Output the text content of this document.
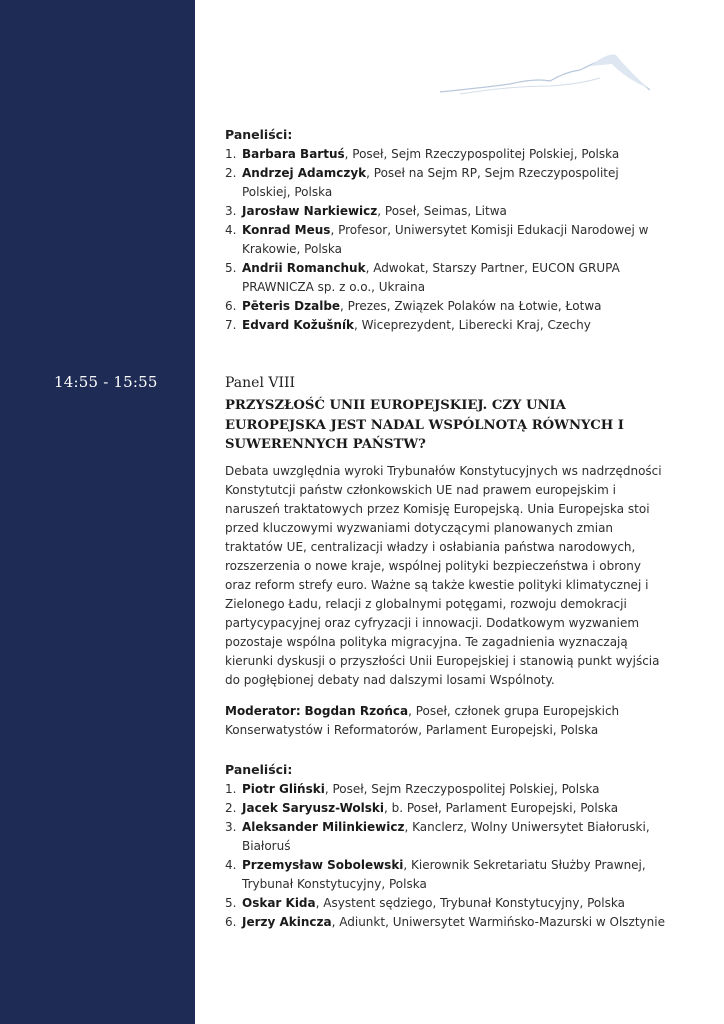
14:55 - 15:55
Paneliści:
1. Barbara Bartuś, Poseł, Sejm Rzeczypospolitej Polskiej, Polska
2. Andrzej Adamczyk, Poseł na Sejm RP, Sejm Rzeczypospolitej Polskiej, Polska
3. Jarosław Narkiewicz, Poseł, Seimas, Litwa
4. Konrad Meus, Profesor, Uniwersytet Komisji Edukacji Narodowej w Krakowie, Polska
5. Andrii Romanchuk, Adwokat, Starszy Partner, EUCON GRUPA PRAWNICZA sp. z o.o., Ukraina
6. Pēteris Dzalbe, Prezes, Związek Polaków na Łotwie, Łotwa
7. Edvard Kožušník, Wiceprezydent, Liberecki Kraj, Czechy
Panel VIII
PRZYSZŁOŚĆ UNII EUROPEJSKIEJ. CZY UNIA EUROPEJSKA JEST NADAL WSPÓLNOTĄ RÓWNYCH I SUWERENNYCH PAŃSTW?
Debata uwzględnia wyroki Trybunałów Konstytucyjnych ws nadrzędności Konstytutcji państw członkowskich UE nad prawem europejskim i naruszeń traktatowych przez Komisję Europejską. Unia Europejska stoi przed kluczowymi wyzwaniami dotyczącymi planowanych zmian traktatów UE, centralizacji władzy i osłabiania państwa narodowych, rozszerzenia o nowe kraje, wspólnej polityki bezpieczeństwa i obrony oraz reform strefy euro. Ważne są także kwestie polityki klimatycznej i Zielonego Ładu, relacji z globalnymi potęgami, rozwoju demokracji partycypacyjnej oraz cyfryzacji i innowacji. Dodatkowym wyzwaniem pozostaje wspólna polityka migracyjna. Te zagadnienia wyznaczają kierunki dyskusji o przyszłości Unii Europejskiej i stanowią punkt wyjścia do pogłębionej debaty nad dalszymi losami Wspólnoty.
Moderator: Bogdan Rzońca, Poseł, członek grupa Europejskich Konserwatystów i Reformatorów, Parlament Europejski, Polska
Paneliści:
1. Piotr Gliński, Poseł, Sejm Rzeczypospolitej Polskiej, Polska
2. Jacek Saryusz-Wolski, b. Poseł, Parlament Europejski, Polska
3. Aleksander Milinkiewicz, Kanclerz, Wolny Uniwersytet Białoruski, Białoruś
4. Przemysław Sobolewski, Kierownik Sekretariatu Służby Prawnej, Trybunał Konstytucyjny, Polska
5. Oskar Kida, Asystent sędziego, Trybunał Konstytucyjny, Polska
6. Jerzy Akincza, Adiunkt, Uniwersytet Warmińsko-Mazurski w Olsztynie
